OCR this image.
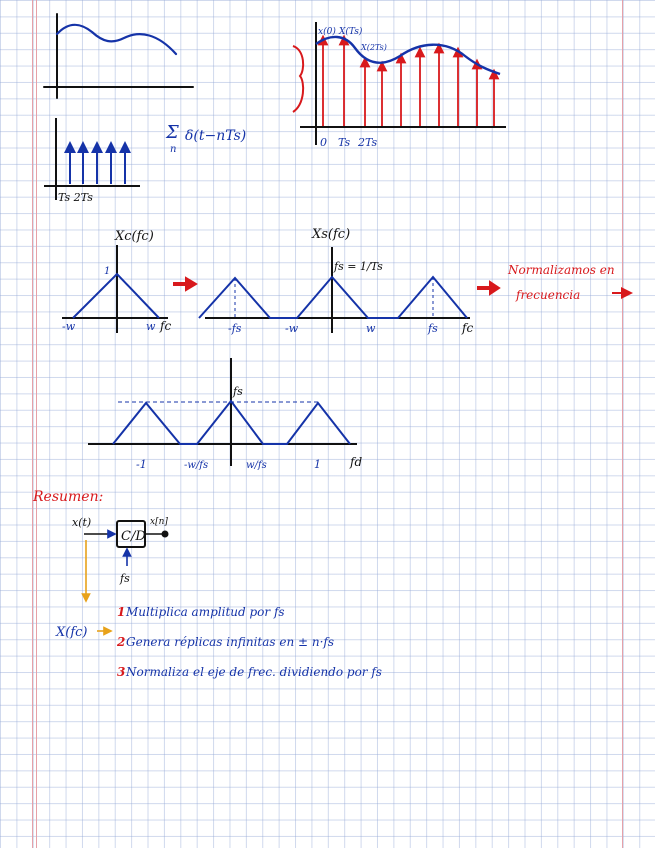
Ts 2Ts
Σ
n
δ(t−nTs)
x(0) X(Ts)
X(2Ts)
0 Ts 2Ts
Xc(fc)
1
-w	w fc
Xs(fc)
fs = 1/Ts
-fs	-w	w	fs fc
Normalizamos en
frecuencia
fs
-1	-w/fs	w/fs	1 fd
Resumen:
x(t)
C/D
x[n]
fs
X(fc)
1 Multiplica amplitud por fs
2 Genera réplicas infinitas en ± n·fs
3 Normaliza el eje de frec. dividiendo por fs
